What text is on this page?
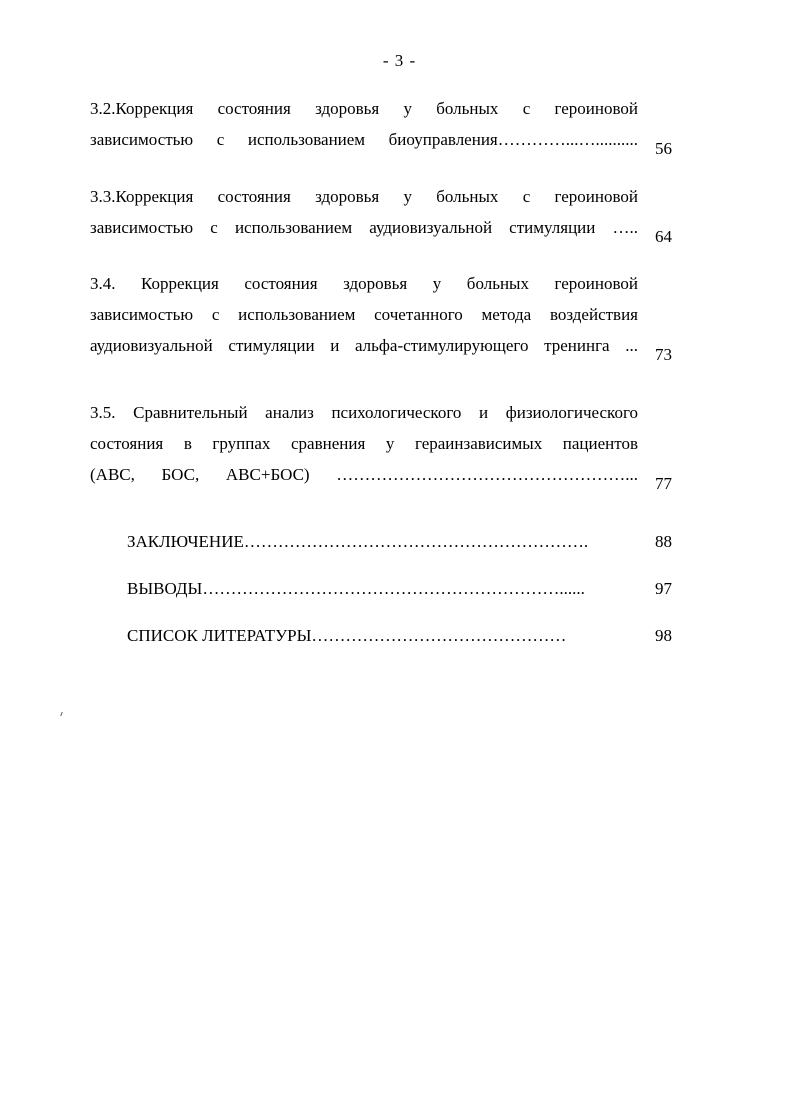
- 3 -
3.2.Коррекция состояния здоровья у больных с героиновой
зависимостью с использованием биоуправления…………...….......... 56
3.3.Коррекция состояния здоровья у больных с героиновой
зависимостью с использованием аудиовизуальной стимуляции ….. 64
3.4. Коррекция состояния здоровья у больных героиновой
зависимостью с использованием сочетанного метода воздействия
аудиовизуальной стимуляции и альфа-стимулирующего тренинга ... 73
3.5. Сравнительный анализ психологического и физиологического
состояния в группах сравнения у гераинзависимых пациентов
(АВС, БОС, АВС+БОС) ……………………………………………... 77
ЗАКЛЮЧЕНИЕ…………………………………………………….	88
ВЫВОДЫ………………………………………………………......	97
СПИСОК ЛИТЕРАТУРЫ………………………………………	98
